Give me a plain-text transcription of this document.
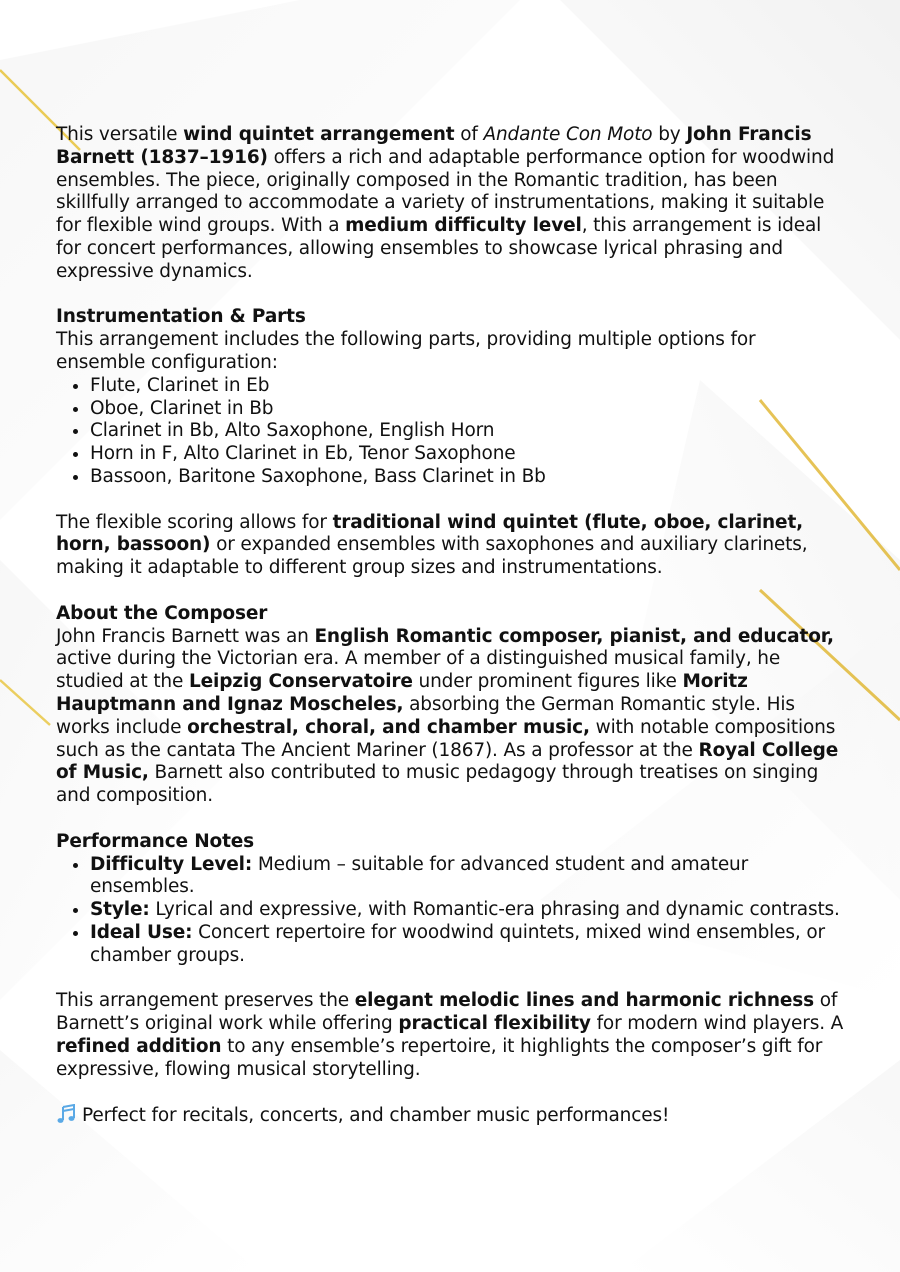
This versatile wind quintet arrangement of Andante Con Moto by John Francis Barnett (1837–1916) offers a rich and adaptable performance option for woodwind ensembles. The piece, originally composed in the Romantic tradition, has been skillfully arranged to accommodate a variety of instrumentations, making it suitable for flexible wind groups. With a medium difficulty level, this arrangement is ideal for concert performances, allowing ensembles to showcase lyrical phrasing and expressive dynamics.

Instrumentation & Parts

This arrangement includes the following parts, providing multiple options for ensemble configuration:

• Flute, Clarinet in Eb
• Oboe, Clarinet in Bb
• Clarinet in Bb, Alto Saxophone, English Horn
• Horn in F, Alto Clarinet in Eb, Tenor Saxophone
• Bassoon, Baritone Saxophone, Bass Clarinet in Bb

The flexible scoring allows for traditional wind quintet (flute, oboe, clarinet, horn, bassoon) or expanded ensembles with saxophones and auxiliary clarinets, making it adaptable to different group sizes and instrumentations.

About the Composer

John Francis Barnett was an English Romantic composer, pianist, and educator, active during the Victorian era. A member of a distinguished musical family, he studied at the Leipzig Conservatoire under prominent figures like Moritz Hauptmann and Ignaz Moscheles, absorbing the German Romantic style. His works include orchestral, choral, and chamber music, with notable compositions such as the cantata The Ancient Mariner (1867). As a professor at the Royal College of Music, Barnett also contributed to music pedagogy through treatises on singing and composition.

Performance Notes

• Difficulty Level: Medium – suitable for advanced student and amateur ensembles.
• Style: Lyrical and expressive, with Romantic-era phrasing and dynamic contrasts.
• Ideal Use: Concert repertoire for woodwind quintets, mixed wind ensembles, or chamber groups.

This arrangement preserves the elegant melodic lines and harmonic richness of Barnett’s original work while offering practical flexibility for modern wind players. A refined addition to any ensemble’s repertoire, it highlights the composer’s gift for expressive, flowing musical storytelling.

Perfect for recitals, concerts, and chamber music performances!
